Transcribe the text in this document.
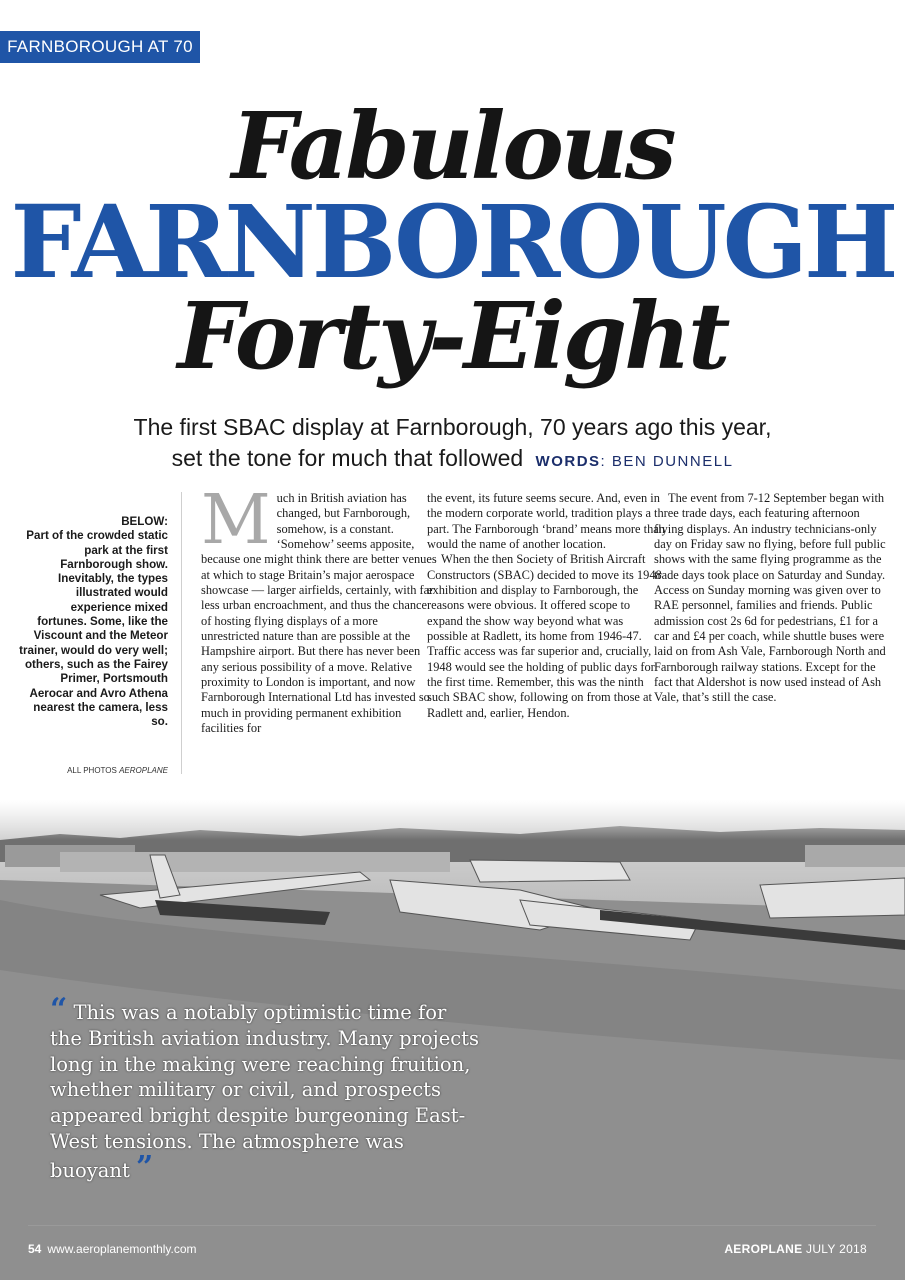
FARNBOROUGH AT 70
Fabulous
FARNBOROUGH
Forty-Eight
The first SBAC display at Farnborough, 70 years ago this year,
set the tone for much that followed WORDS: BEN DUNNELL
BELOW:
Part of the crowded static park at the first Farnborough show. Inevitably, the types illustrated would experience mixed fortunes. Some, like the Viscount and the Meteor trainer, would do very well; others, such as the Fairey Primer, Portsmouth Aerocar and Avro Athena nearest the camera, less so.
ALL PHOTOS AEROPLANE

Much in British aviation has changed, but Farnborough, somehow, is a constant. ‘Somehow’ seems apposite, because one might think there are better venues at which to stage Britain’s major aerospace showcase — larger airfields, certainly, with far less urban encroachment, and thus the chance of hosting flying displays of a more unrestricted nature than are possible at the Hampshire airport. But there has never been any serious possibility of a move. Relative proximity to London is important, and now Farnborough International Ltd has invested so much in providing permanent exhibition facilities for

the event, its future seems secure. And, even in the modern corporate world, tradition plays a part. The Farnborough ‘brand’ means more than would the name of another location.

When the then Society of British Aircraft Constructors (SBAC) decided to move its 1948 exhibition and display to Farnborough, the reasons were obvious. It offered scope to expand the show way beyond what was possible at Radlett, its home from 1946-47. Traffic access was far superior and, crucially, 1948 would see the holding of public days for the first time. Remember, this was the ninth such SBAC show, following on from those at Radlett and, earlier, Hendon.

The event from 7-12 September began with three trade days, each featuring afternoon flying displays. An industry technicians-only day on Friday saw no flying, before full public shows with the same flying programme as the trade days took place on Saturday and Sunday. Access on Sunday morning was given over to RAE personnel, families and friends. Public admission cost 2s 6d for pedestrians, £1 for a car and £4 per coach, while shuttle buses were laid on from Ash Vale, Farnborough North and Farnborough railway stations. Except for the fact that Aldershot is now used instead of Ash Vale, that’s still the case.

“ This was a notably optimistic time for the British aviation industry. Many projects long in the making were reaching fruition, whether military or civil, and prospects appeared bright despite burgeoning East-West tensions. The atmosphere was buoyant ”
54 www.aeroplanemonthly.com	AEROPLANE JULY 2018
